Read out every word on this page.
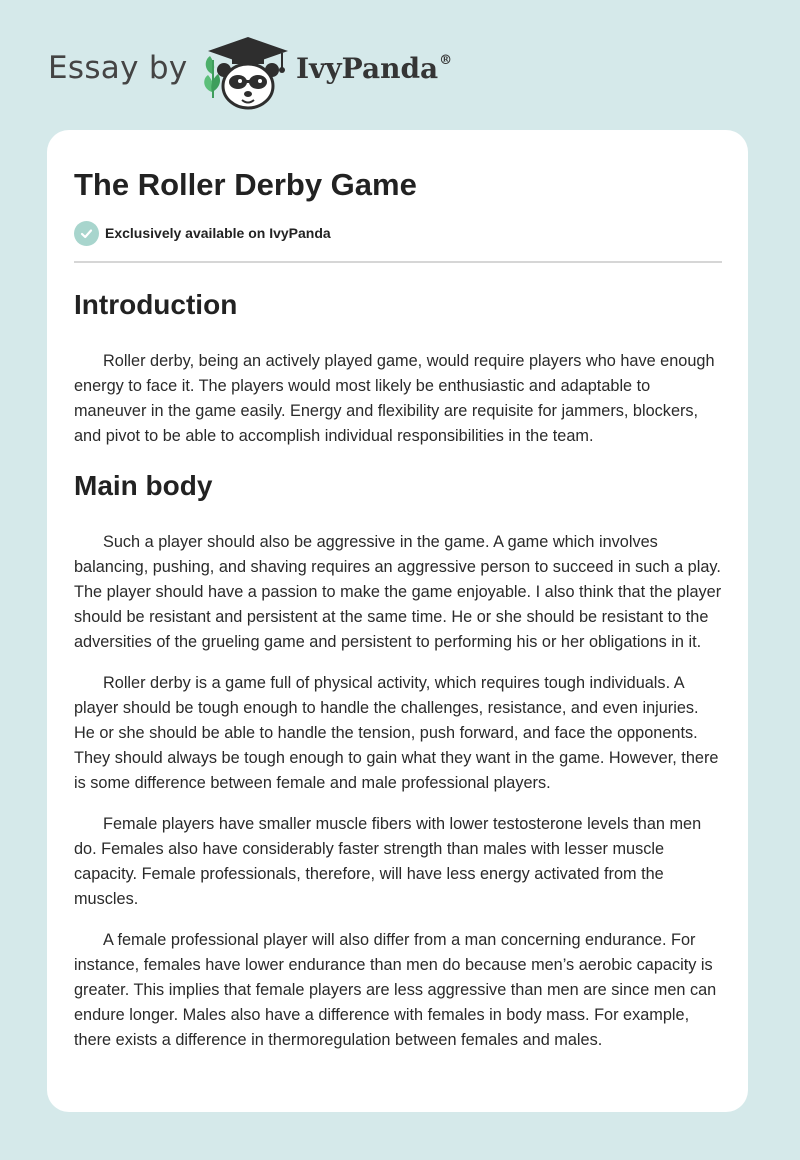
Essay by	IvyPanda®
The Roller Derby Game
Exclusively available on IvyPanda
Introduction

Roller derby, being an actively played game, would require players who have enough energy to face it. The players would most likely be enthusiastic and adaptable to maneuver in the game easily. Energy and flexibility are requisite for jammers, blockers, and pivot to be able to accomplish individual responsibilities in the team.

Main body

Such a player should also be aggressive in the game. A game which involves balancing, pushing, and shaving requires an aggressive person to succeed in such a play. The player should have a passion to make the game enjoyable. I also think that the player should be resistant and persistent at the same time. He or she should be resistant to the adversities of the grueling game and persistent to performing his or her obligations in it.

Roller derby is a game full of physical activity, which requires tough individuals. A player should be tough enough to handle the challenges, resistance, and even injuries. He or she should be able to handle the tension, push forward, and face the opponents. They should always be tough enough to gain what they want in the game. However, there is some difference between female and male professional players.

Female players have smaller muscle fibers with lower testosterone levels than men do. Females also have considerably faster strength than males with lesser muscle capacity. Female professionals, therefore, will have less energy activated from the muscles.

A female professional player will also differ from a man concerning endurance. For instance, females have lower endurance than men do because men’s aerobic capacity is greater. This implies that female players are less aggressive than men are since men can endure longer. Males also have a difference with females in body mass. For example, there exists a difference in thermoregulation between females and males.
